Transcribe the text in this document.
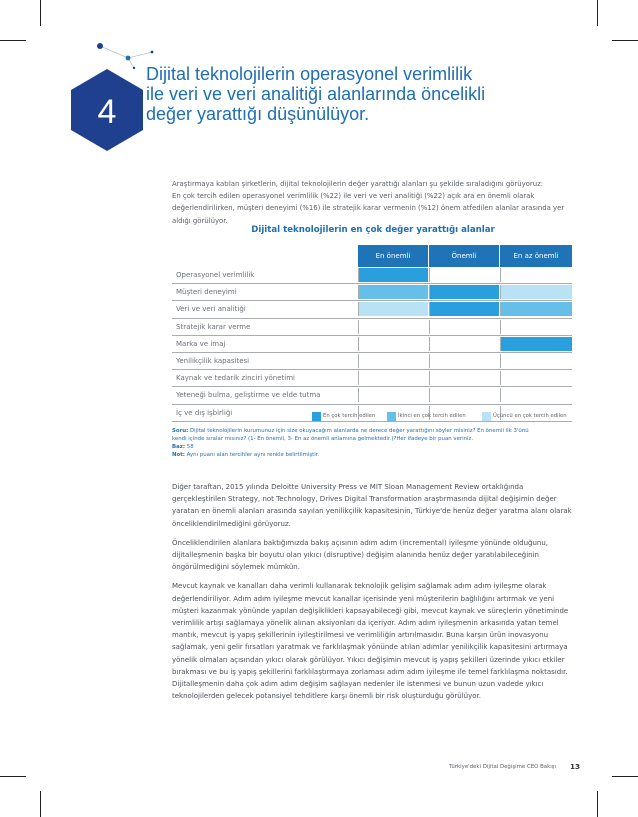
4
Dijital teknolojilerin operasyonel verimlilik
ile veri ve veri analitiği alanlarında öncelikli
değer yarattığı düşünülüyor.
Araştırmaya katılan şirketlerin, dijital teknolojilerin değer yarattığı alanları şu şekilde sıraladığını görüyoruz:
En çok tercih edilen operasyonel verimlilik (%22) ile veri ve veri analitiği (%22) açık ara en önemli olarak
değerlendirilirken, müşteri deneyimi (%16) ile stratejik karar vermenin (%12) önem atfedilen alanlar arasında yer
aldığı görülüyor.
Dijital teknolojilerin en çok değer yarattığı alanlar
En önemli	Önemli	En az önemli
Operasyonel verimlilik
Müşteri deneyimi
Veri ve veri analitiği
Stratejik karar verme
Marka ve imaj
Yenilikçilik kapasitesi
Kaynak ve tedarik zinciri yönetimi
Yeteneği bulma, geliştirme ve elde tutma
İç ve dış işbirliği	En çok tercih edilen	İkinci en çok tercih edilen	Üçüncü en çok tercih edilen
Soru: Dijital teknolojilerin kurumunuz için size okuyacağım alanlarda ne derece değer yarattığını söyler misiniz? En önemli ilk 3'ünü
kendi içinde sıralar mısınız? (1- En önemli, 3- En az önemli anlamına gelmektedir.)?Her ifadeye bir puan veriniz.
Baz: 58
Not: Aynı puanı alan tercihler aynı renkle belirtilmiştir.
Diğer taraftan, 2015 yılında Deloitte University Press ve MIT Sloan Management Review ortaklığında
gerçekleştirilen Strategy, not Technology, Drives Digital Transformation araştırmasında dijital değişimin değer
yaratan en önemli alanları arasında sayılan yenilikçilik kapasitesinin, Türkiye'de henüz değer yaratma alanı olarak
önceliklendirilmediğini görüyoruz.
Önceliklendirilen alanlara baktığımızda bakış açısının adım adım (incremental) iyileşme yönünde olduğunu,
dijitalleşmenin başka bir boyutu olan yıkıcı (disruptive) değişim alanında henüz değer yaratılabileceğinin
öngörülmediğini söylemek mümkün.
Mevcut kaynak ve kanalları daha verimli kullanarak teknolojik gelişim sağlamak adım adım iyileşme olarak
değerlendiriliyor. Adım adım iyileşme mevcut kanallar içerisinde yeni müşterilerin bağlılığını artırmak ve yeni
müşteri kazanmak yönünde yapılan değişiklikleri kapsayabileceği gibi, mevcut kaynak ve süreçlerin yönetiminde
verimlilik artışı sağlamaya yönelik alınan aksiyonları da içeriyor. Adım adım iyileşmenin arkasında yatan temel
mantık, mevcut iş yapış şekillerinin iyileştirilmesi ve verimliliğin artırılmasıdır. Buna karşın ürün inovasyonu
sağlamak, yeni gelir fırsatları yaratmak ve farklılaşmak yönünde atılan adımlar yenilikçilik kapasitesini artırmaya
yönelik olmaları açısından yıkıcı olarak görülüyor. Yıkıcı değişimin mevcut iş yapış şekilleri üzerinde yıkıcı etkiler
bırakması ve bu iş yapış şekillerini farklılaştırmaya zorlaması adım adım iyileşme ile temel farklılaşma noktasıdır.
Dijitalleşmenin daha çok adım adım değişim sağlayan nedenler ile istenmesi ve bunun uzun vadede yıkıcı
teknolojilerden gelecek potansiyel tehditlere karşı önemli bir risk oluşturduğu görülüyor.
Türkiye'deki Dijital Değişime CEO Bakışı 13
